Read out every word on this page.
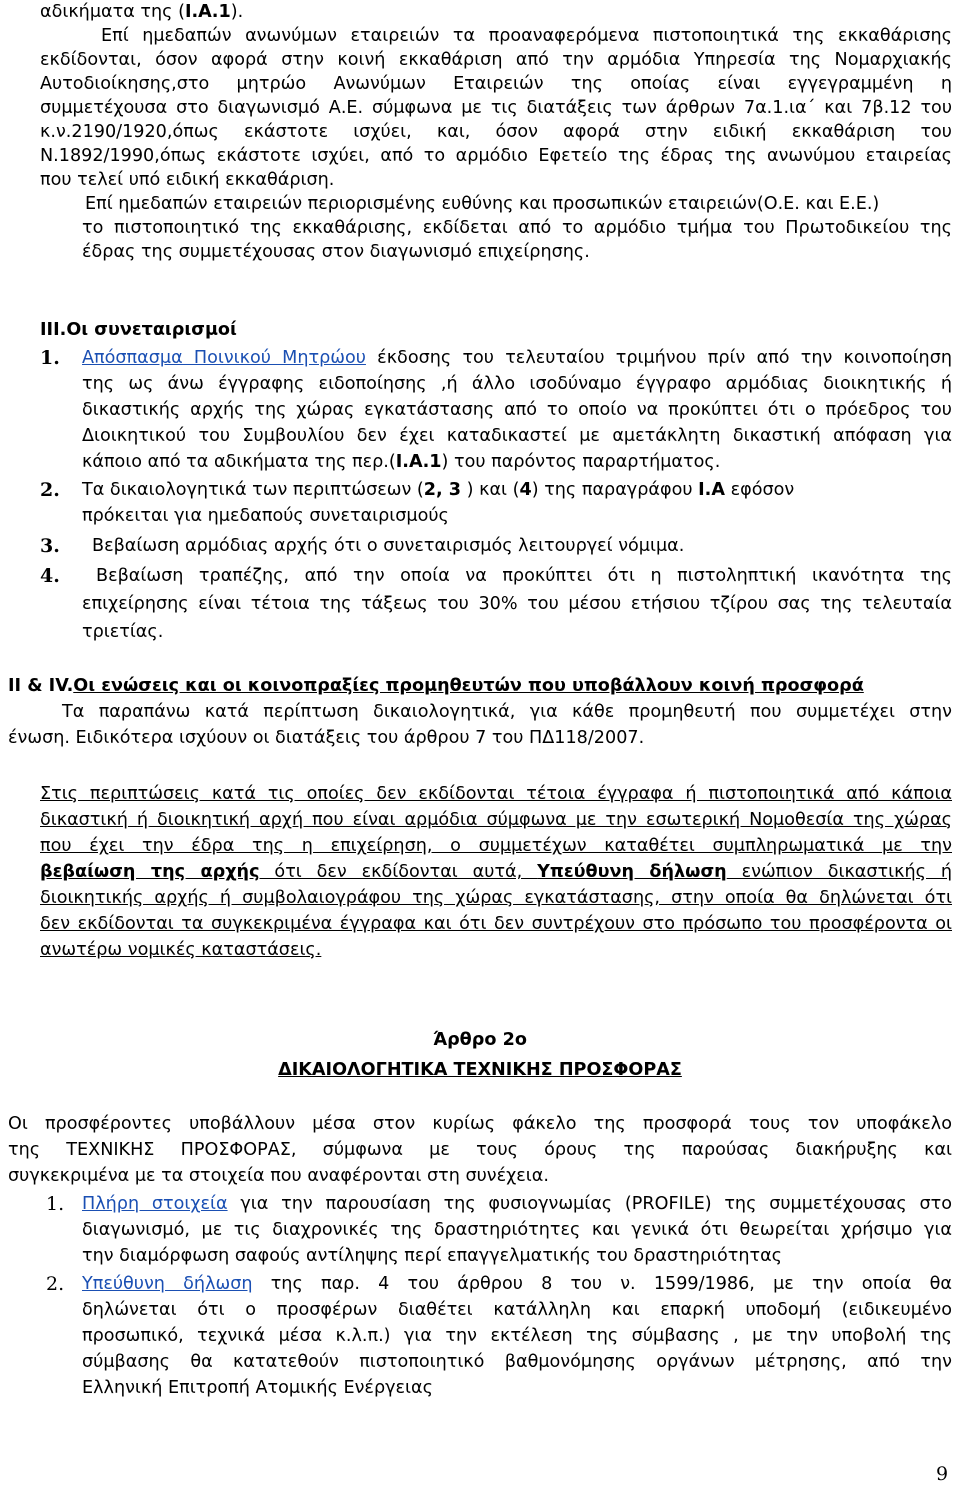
αδικήματα της (Ι.Α.1).
Επί ημεδαπών ανωνύμων εταιρειών τα προαναφερόμενα πιστοποιητικά της εκκαθάρισης
εκδίδονται, όσον αφορά στην κοινή εκκαθάριση από την αρμόδια Υπηρεσία της Νομαρχιακής
Αυτοδιοίκησης,στο μητρώο Ανωνύμων Εταιρειών της οποίας είναι εγγεγραμμένη η
συμμετέχουσα στο διαγωνισμό Α.Ε. σύμφωνα με τις διατάξεις των άρθρων 7α.1.ια΄ και 7β.12 του
κ.ν.2190/1920,όπως εκάστοτε ισχύει, και, όσον αφορά στην ειδική εκκαθάριση του
Ν.1892/1990,όπως εκάστοτε ισχύει, από το αρμόδιο Εφετείο της έδρας της ανωνύμου εταιρείας
που τελεί υπό ειδική εκκαθάριση.
Επί ημεδαπών εταιρειών περιορισμένης ευθύνης και προσωπικών εταιρειών(Ο.Ε. και Ε.Ε.)
το πιστοποιητικό της εκκαθάρισης, εκδίδεται από το αρμόδιο τμήμα του Πρωτοδικείου της
έδρας της συμμετέχουσας στον διαγωνισμό επιχείρησης.
ΙΙΙ.Οι συνεταιρισμοί
1. Απόσπασμα Ποινικού Μητρώου έκδοσης του τελευταίου τριμήνου πρίν από την κοινοποίηση
της ως άνω έγγραφης ειδοποίησης ,ή άλλο ισοδύναμο έγγραφο αρμόδιας διοικητικής ή
δικαστικής αρχής της χώρας εγκατάστασης από το οποίο να προκύπτει ότι ο πρόεδρος του
Διοικητικού του Συμβουλίου δεν έχει καταδικαστεί με αμετάκλητη δικαστική απόφαση για
κάποιο από τα αδικήματα της περ.(Ι.Α.1) του παρόντος παραρτήματος.
2. Τα δικαιολογητικά των περιπτώσεων (2, 3 ) και (4) της παραγράφου Ι.Α εφόσον
πρόκειται για ημεδαπούς συνεταιρισμούς
3. Βεβαίωση αρμόδιας αρχής ότι ο συνεταιρισμός λειτουργεί νόμιμα.
4. Βεβαίωση τραπέζης, από την οποία να προκύπτει ότι η πιστοληπτική ικανότητα της
επιχείρησης είναι τέτοια της τάξεως του 30% του μέσου ετήσιου τζίρου σας της τελευταία
τριετίας.
ΙΙ & ΙV.Οι ενώσεις και οι κοινοπραξίες προμηθευτών που υποβάλλουν κοινή προσφορά
Τα παραπάνω κατά περίπτωση δικαιολογητικά, για κάθε προμηθευτή που συμμετέχει στην
ένωση. Ειδικότερα ισχύουν οι διατάξεις του άρθρου 7 του ΠΔ118/2007.
Στις περιπτώσεις κατά τις οποίες δεν εκδίδονται τέτοια έγγραφα ή πιστοποιητικά από κάποια
δικαστική ή διοικητική αρχή που είναι αρμόδια σύμφωνα με την εσωτερική Νομοθεσία της χώρας
που έχει την έδρα της η επιχείρηση, ο συμμετέχων καταθέτει συμπληρωματικά με την
βεβαίωση της αρχής ότι δεν εκδίδονται αυτά, Υπεύθυνη δήλωση ενώπιον δικαστικής ή
διοικητικής αρχής ή συμβολαιογράφου της χώρας εγκατάστασης, στην οποία θα δηλώνεται ότι
δεν εκδίδονται τα συγκεκριμένα έγγραφα και ότι δεν συντρέχουν στο πρόσωπο του προσφέροντα οι
ανωτέρω νομικές καταστάσεις.
Άρθρο 2ο
ΔΙΚΑΙΟΛΟΓΗΤΙΚΑ ΤΕΧΝΙΚΗΣ ΠΡΟΣΦΟΡΑΣ
Οι προσφέροντες υποβάλλουν μέσα στον κυρίως φάκελο της προσφορά τους τον υποφάκελο
της ΤΕΧΝΙΚΗΣ ΠΡΟΣΦΟΡΑΣ, σύμφωνα με τους όρους της παρούσας διακήρυξης και
συγκεκριμένα με τα στοιχεία που αναφέρονται στη συνέχεια.
1. Πλήρη στοιχεία για την παρουσίαση της φυσιογνωμίας (PROFILE) της συμμετέχουσας στο
διαγωνισμό, με τις διαχρονικές της δραστηριότητες και γενικά ότι θεωρείται χρήσιμο για
την διαμόρφωση σαφούς αντίληψης περί επαγγελματικής του δραστηριότητας
2. Υπεύθυνη δήλωση της παρ. 4 του άρθρου 8 του ν. 1599/1986, με την οποία θα
δηλώνεται ότι ο προσφέρων διαθέτει κατάλληλη και επαρκή υποδομή (ειδικευμένο
προσωπικό, τεχνικά μέσα κ.λ.π.) για την εκτέλεση της σύμβασης , με την υποβολή της
σύμβασης θα κατατεθούν πιστοποιητικό βαθμονόμησης οργάνων μέτρησης, από την
Ελληνική Επιτροπή Ατομικής Ενέργειας
9
